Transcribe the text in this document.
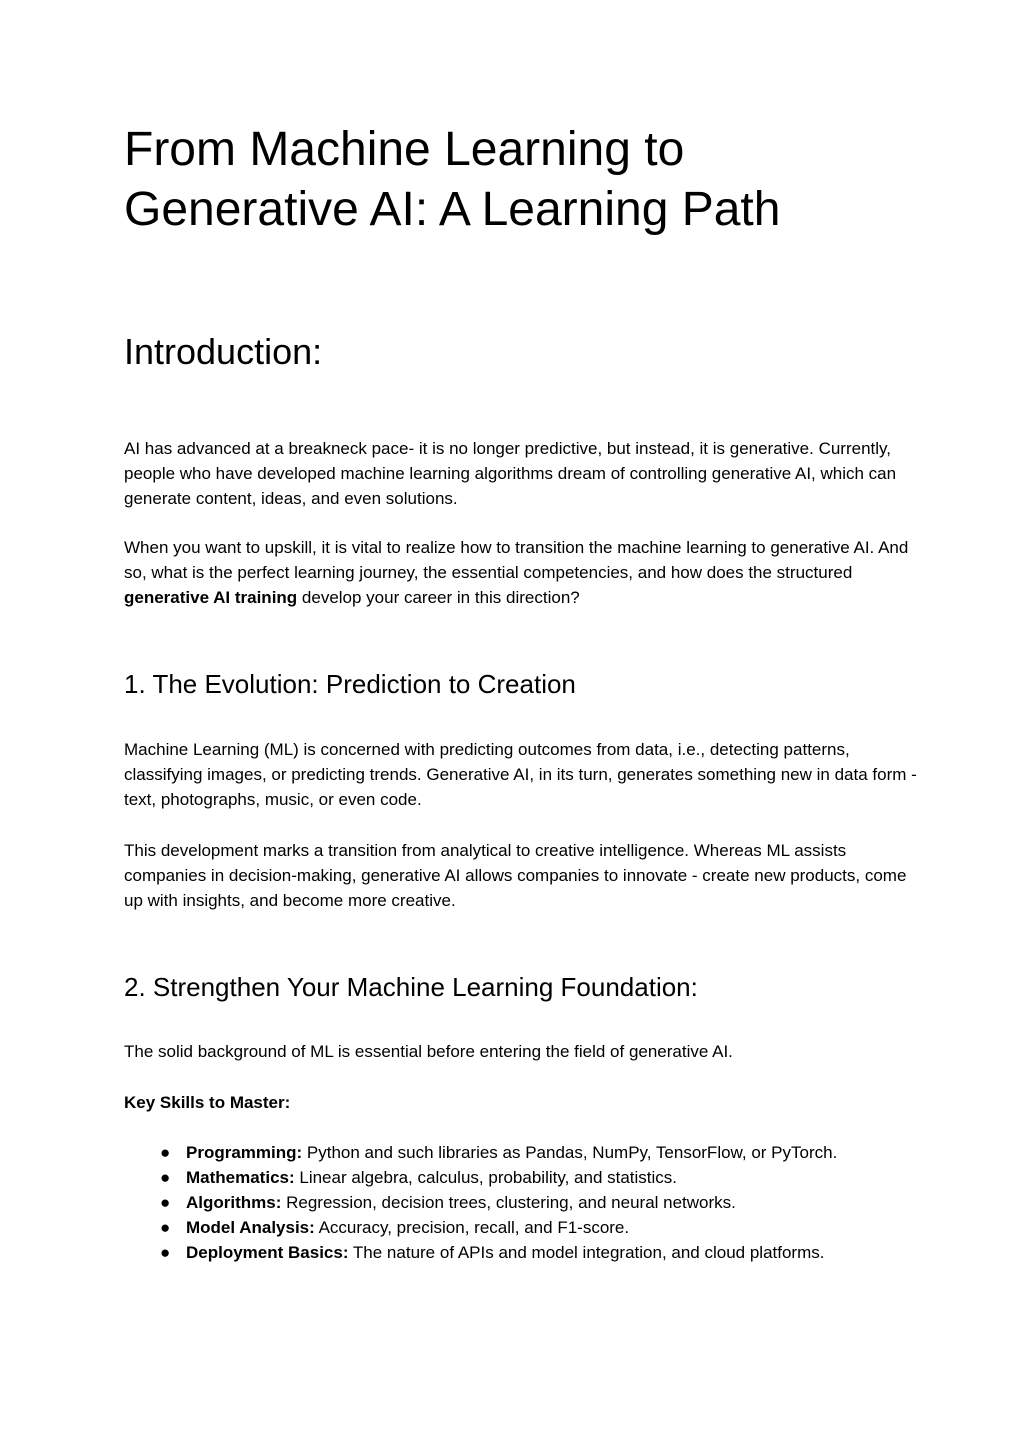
From Machine Learning to Generative AI: A Learning Path
Introduction:

AI has advanced at a breakneck pace- it is no longer predictive, but instead, it is generative. Currently, people who have developed machine learning algorithms dream of controlling generative AI, which can generate content, ideas, and even solutions.

When you want to upskill, it is vital to realize how to transition the machine learning to generative AI. And so, what is the perfect learning journey, the essential competencies, and how does the structured generative AI training develop your career in this direction?

1. The Evolution: Prediction to Creation

Machine Learning (ML) is concerned with predicting outcomes from data, i.e., detecting patterns, classifying images, or predicting trends. Generative AI, in its turn, generates something new in data form - text, photographs, music, or even code.

This development marks a transition from analytical to creative intelligence. Whereas ML assists companies in decision-making, generative AI allows companies to innovate - create new products, come up with insights, and become more creative.

2. Strengthen Your Machine Learning Foundation:

The solid background of ML is essential before entering the field of generative AI.

Key Skills to Master:

● Programming: Python and such libraries as Pandas, NumPy, TensorFlow, or PyTorch.
● Mathematics: Linear algebra, calculus, probability, and statistics.
● Algorithms: Regression, decision trees, clustering, and neural networks.
● Model Analysis: Accuracy, precision, recall, and F1-score.
● Deployment Basics: The nature of APIs and model integration, and cloud platforms.
